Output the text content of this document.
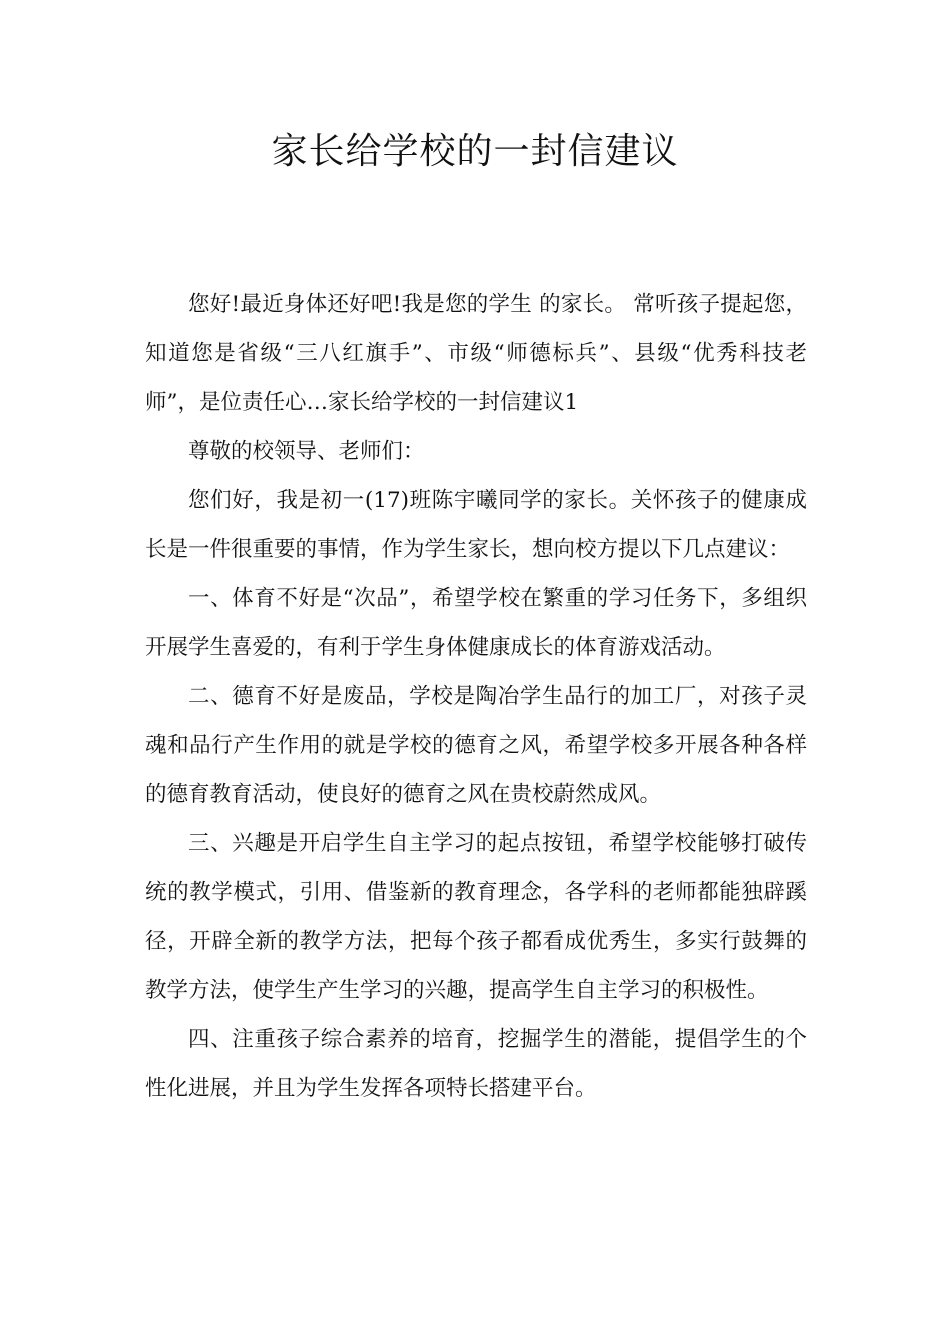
家长给学校的一封信建议

您好!最近身体还好吧!我是您的学生 的家长。 常听孩子提起您，知道您是省级“三八红旗手”、市级“师德标兵”、县级“优秀科技老师”，是位责任心…家长给学校的一封信建议1

尊敬的校领导、老师们：

您们好，我是初一(17)班陈宇曦同学的家长。关怀孩子的健康成长是一件很重要的事情，作为学生家长，想向校方提以下几点建议：

一、体育不好是“次品”，希望学校在繁重的学习任务下，多组织开展学生喜爱的，有利于学生身体健康成长的体育游戏活动。

二、德育不好是废品，学校是陶冶学生品行的加工厂，对孩子灵魂和品行产生作用的就是学校的德育之风，希望学校多开展各种各样的德育教育活动，使良好的德育之风在贵校蔚然成风。

三、兴趣是开启学生自主学习的起点按钮，希望学校能够打破传统的教学模式，引用、借鉴新的教育理念，各学科的老师都能独辟蹊径，开辟全新的教学方法，把每个孩子都看成优秀生，多实行鼓舞的教学方法，使学生产生学习的兴趣，提高学生自主学习的积极性。

四、注重孩子综合素养的培育，挖掘学生的潜能，提倡学生的个性化进展，并且为学生发挥各项特长搭建平台。
